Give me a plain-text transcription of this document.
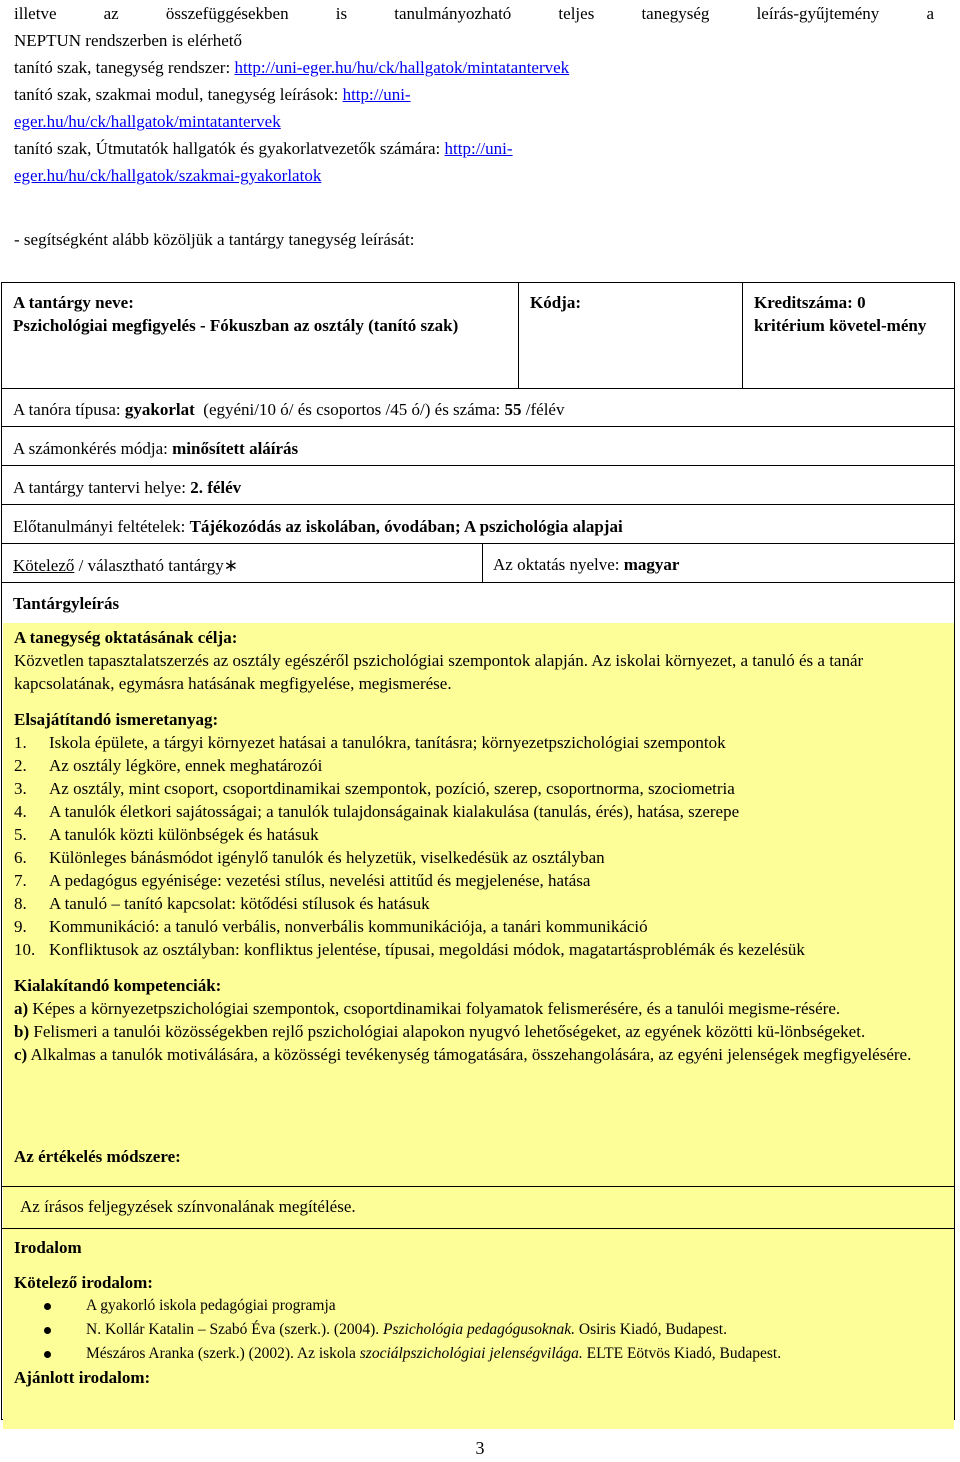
illetve az összefüggésekben is tanulmányozható teljes tanegység leírás-gyűjtemény a

NEPTUN rendszerben is elérhető

tanító szak, tanegység rendszer: http://uni-eger.hu/hu/ck/hallgatok/mintatantervek

tanító szak, szakmai modul, tanegység leírások: http://uni-

eger.hu/hu/ck/hallgatok/mintatantervek

tanító szak, Útmutatók hallgatók és gyakorlatvezetők számára: http://uni-

eger.hu/hu/ck/hallgatok/szakmai-gyakorlatok

- segítségként alább közöljük a tantárgy tanegység leírását:
A tantárgy neve:
Pszichológiai megfigyelés - Fókuszban az osztály (tanító szak)
Kódja:	Kreditszáma: 0
kritérium követel-mény
A tanóra típusa: gyakorlat  (egyéni/10 ó/ és csoportos /45 ó/) és száma: 55 /félév
A számonkérés módja: minősített aláírás
A tantárgy tantervi helye: 2. félév
Előtanulmányi feltételek: Tájékozódás az iskolában, óvodában; A pszichológia alapjai
Kötelező / választható tantárgy∗	Az oktatás nyelve: magyar
Tantárgyleírás
A tanegység oktatásának célja:

Közvetlen tapasztalatszerzés az osztály egészéről pszichológiai szempontok alapján. Az iskolai környezet, a tanuló és a tanár kapcsolatának, egymásra hatásának megfigyelése, megismerése.

Elsajátítandó ismeretanyag:
1. Iskola épülete, a tárgyi környezet hatásai a tanulókra, tanításra; környezetpszichológiai szempontok
2. Az osztály légköre, ennek meghatározói
3. Az osztály, mint csoport, csoportdinamikai szempontok, pozíció, szerep, csoportnorma, szociometria
4. A tanulók életkori sajátosságai; a tanulók tulajdonságainak kialakulása (tanulás, érés), hatása, szerepe
5. A tanulók közti különbségek és hatásuk
6. Különleges bánásmódot igénylő tanulók és helyzetük, viselkedésük az osztályban
7. A pedagógus egyénisége: vezetési stílus, nevelési attitűd és megjelenése, hatása
8. A tanuló – tanító kapcsolat: kötődési stílusok és hatásuk
9. Kommunikáció: a tanuló verbális, nonverbális kommunikációja, a tanári kommunikáció
10. Konfliktusok az osztályban: konfliktus jelentése, típusai, megoldási módok, magatartásproblémák és kezelésük
Kialakítandó kompetenciák:

a) Képes a környezetpszichológiai szempontok, csoportdinamikai folyamatok felismerésére, és a tanulói megisme-résére.

b) Felismeri a tanulói közösségekben rejlő pszichológiai alapokon nyugvó lehetőségeket, az egyének közötti kü-lönbségeket.

c) Alkalmas a tanulók motiválására, a közösségi tevékenység támogatására, összehangolására, az egyéni jelenségek megfigyelésére.

Az értékelés módszere:
Az írásos feljegyzések színvonalának megítélése.
Irodalom
Kötelező irodalom:
A gyakorló iskola pedagógiai programja
N. Kollár Katalin – Szabó Éva (szerk.). (2004). Pszichológia pedagógusoknak. Osiris Kiadó, Budapest.
Mészáros Aranka (szerk.) (2002). Az iskola szociálpszichológiai jelenségvilága. ELTE Eötvös Kiadó, Budapest.
Ajánlott irodalom:
3
